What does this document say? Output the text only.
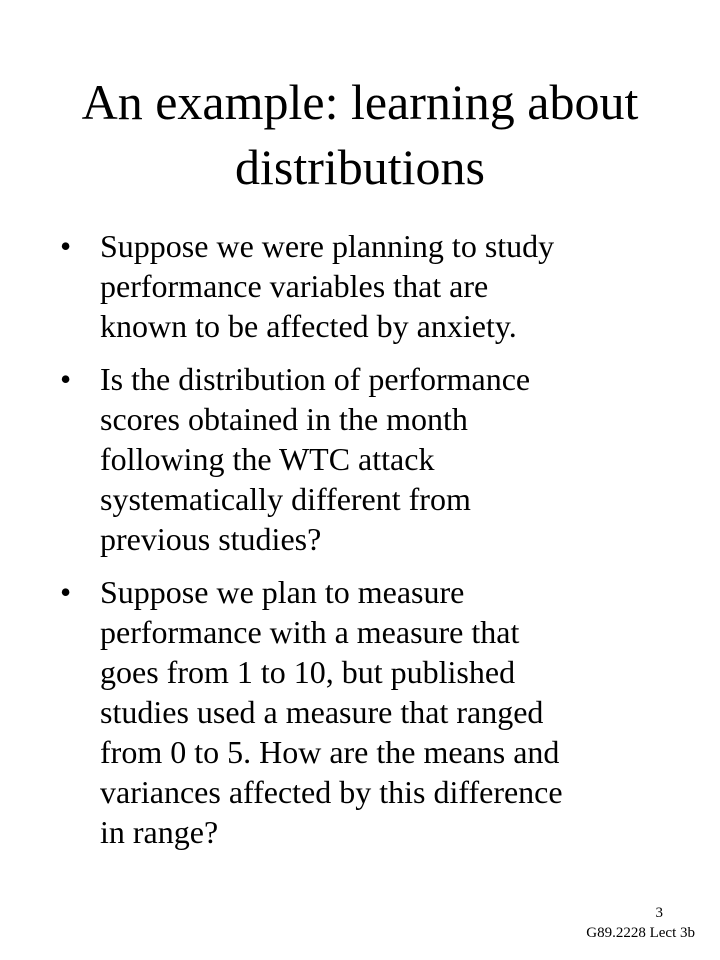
An example: learning about
distributions
• Suppose we were planning to study
performance variables that are
known to be affected by anxiety.
• Is the distribution of performance
scores obtained in the month
following the WTC attack
systematically different from
previous studies?
• Suppose we plan to measure
performance with a measure that
goes from 1 to 10, but published
studies used a measure that ranged
from 0 to 5. How are the means and
variances affected by this difference
in range?
3
G89.2228 Lect 3b
